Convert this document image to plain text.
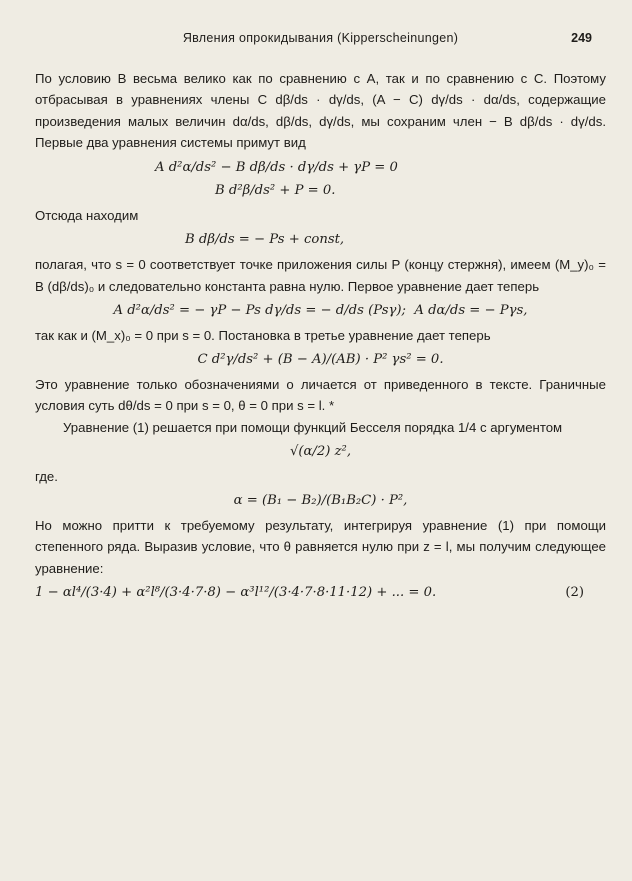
Явления опрокидывания (Kipperscheinungen)	249

По условию B весьма велико как по сравнению с A, так и по сравнению с C. Поэтому отбрасывая в уравнениях члены C dβ/ds · dγ/ds, (A − C) dγ/ds · dα/ds, содержащие произведения малых величин dα/ds, dβ/ds, dγ/ds, мы сохраним член − B dβ/ds · dγ/ds. Первые два уравнения системы примут вид

A d²α/ds² − B dβ/ds · dγ/ds + γP = 0
B d²β/ds² + P = 0.

Отсюда находим

B dβ/ds = − Ps + const,

полагая, что s = 0 соответствует точке приложения силы P (концу стержня), имеем (M_y)₀ = B (dβ/ds)₀ и следовательно константа равна нулю. Первое уравнение дает теперь

A d²α/ds² = − γP − Ps dγ/ds = − d/ds (Psγ);  A dα/ds = − Pγs,

так как и (M_x)₀ = 0 при s = 0. Постановка в третье уравнение дает теперь

C d²γ/ds² + (B − A)/(AB) · P² γs² = 0.

Это уравнение только обозначениями о личается от приведенного в тексте. Граничные условия суть dθ/ds = 0 при s = 0, θ = 0 при s = l. *

Уравнение (1) решается при помощи функций Бесселя порядка 1/4 с аргументом

√(α/2) z²,

где.

α = (B₁ − B₂)/(B₁B₂C) · P²,

Но можно притти к требуемому результату, интегрируя уравнение (1) при помощи степенного ряда. Выразив условие, что θ равняется нулю при z = l, мы получим следующее уравнение:

1 − αl⁴/(3·4) + α²l⁸/(3·4·7·8) − α³l¹²/(3·4·7·8·11·12) + ... = 0.	(2)
